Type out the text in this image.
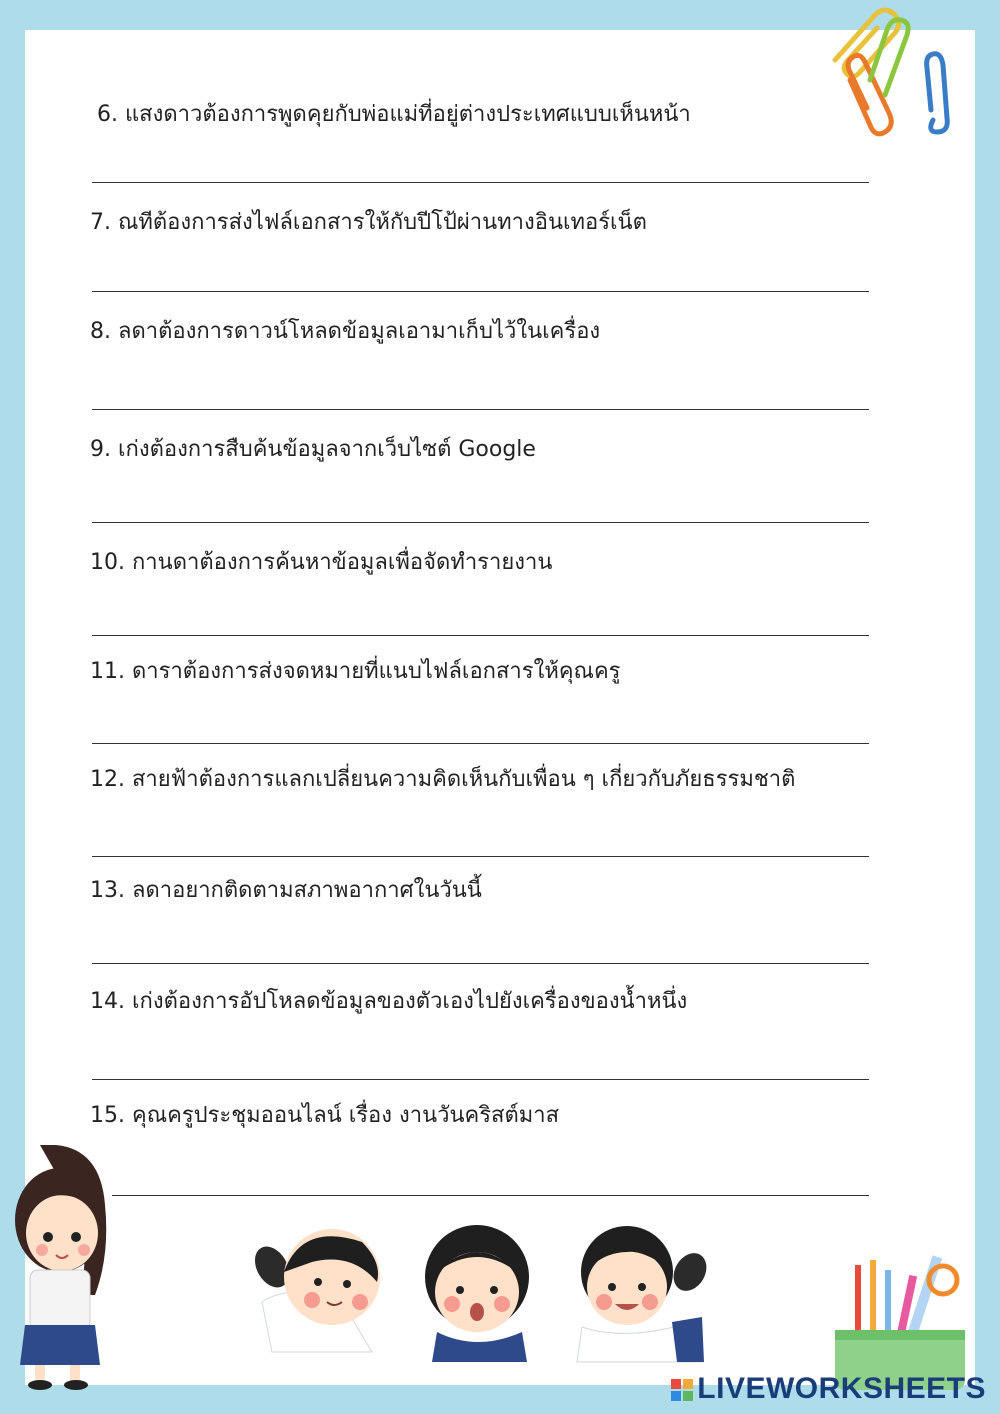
6. แสงดาวต้องการพูดคุยกับพ่อแม่ที่อยู่ต่างประเทศแบบเห็นหน้า
7. ณทีต้องการส่งไฟล์เอกสารให้กับปีโป้ผ่านทางอินเทอร์เน็ต
8. ลดาต้องการดาวน์โหลดข้อมูลเอามาเก็บไว้ในเครื่อง
9. เก่งต้องการสืบค้นข้อมูลจากเว็บไซต์ Google
10. กานดาต้องการค้นหาข้อมูลเพื่อจัดทำรายงาน
11. ดาราต้องการส่งจดหมายที่แนบไฟล์เอกสารให้คุณครู
12. สายฟ้าต้องการแลกเปลี่ยนความคิดเห็นกับเพื่อน ๆ เกี่ยวกับภัยธรรมชาติ
13. ลดาอยากติดตามสภาพอากาศในวันนี้
14. เก่งต้องการอัปโหลดข้อมูลของตัวเองไปยังเครื่องของน้ำหนึ่ง
15. คุณครูประชุมออนไลน์ เรื่อง งานวันคริสต์มาส
LIVEWORKSHEETS
